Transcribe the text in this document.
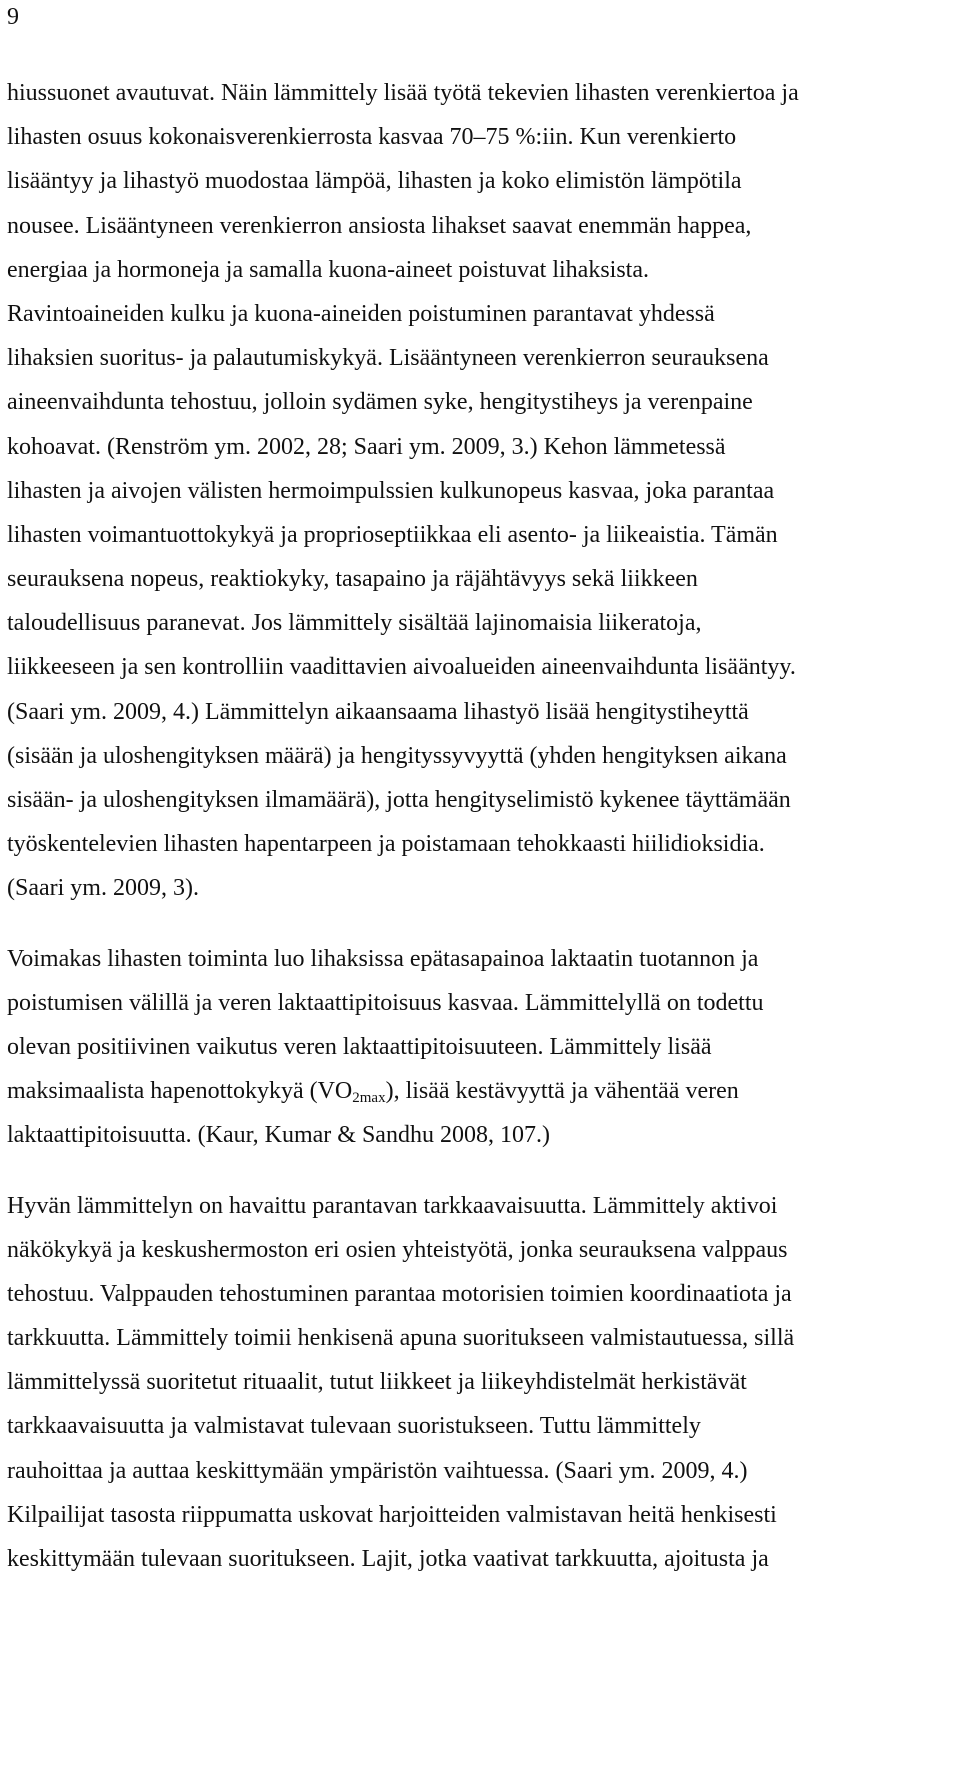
9

hiussuonet avautuvat. Näin lämmittely lisää työtä tekevien lihasten verenkiertoa ja
lihasten osuus kokonaisverenkierrosta kasvaa 70–75 %:iin. Kun verenkierto
lisääntyy ja lihastyö muodostaa lämpöä, lihasten ja koko elimistön lämpötila
nousee. Lisääntyneen verenkierron ansiosta lihakset saavat enemmän happea,
energiaa ja hormoneja ja samalla kuona-aineet poistuvat lihaksista.
Ravintoaineiden kulku ja kuona-aineiden poistuminen parantavat yhdessä
lihaksien suoritus- ja palautumiskykyä. Lisääntyneen verenkierron seurauksena
aineenvaihdunta tehostuu, jolloin sydämen syke, hengitystiheys ja verenpaine
kohoavat. (Renström ym. 2002, 28; Saari ym. 2009, 3.) Kehon lämmetessä
lihasten ja aivojen välisten hermoimpulssien kulkunopeus kasvaa, joka parantaa
lihasten voimantuottokykyä ja proprioseptiikkaa eli asento- ja liikeaistia. Tämän
seurauksena nopeus, reaktiokyky, tasapaino ja räjähtävyys sekä liikkeen
taloudellisuus paranevat. Jos lämmittely sisältää lajinomaisia liikeratoja,
liikkeeseen ja sen kontrolliin vaadittavien aivoalueiden aineenvaihdunta lisääntyy.
(Saari ym. 2009, 4.) Lämmittelyn aikaansaama lihastyö lisää hengitystiheyttä
(sisään ja uloshengityksen määrä) ja hengityssyvyyttä (yhden hengityksen aikana
sisään- ja uloshengityksen ilmamäärä), jotta hengityselimistö kykenee täyttämään
työskentelevien lihasten hapentarpeen ja poistamaan tehokkaasti hiilidioksidia.
(Saari ym. 2009, 3).

Voimakas lihasten toiminta luo lihaksissa epätasapainoa laktaatin tuotannon ja
poistumisen välillä ja veren laktaattipitoisuus kasvaa. Lämmittelyllä on todettu
olevan positiivinen vaikutus veren laktaattipitoisuuteen. Lämmittely lisää
maksimaalista hapenottokykyä $(VO_{2max})$, lisää kestävyyttä ja vähentää veren
laktaattipitoisuutta. (Kaur, Kumar & Sandhu 2008, 107.)

Hyvän lämmittelyn on havaittu parantavan tarkkaavaisuutta. Lämmittely aktivoi
näkökykyä ja keskushermoston eri osien yhteistyötä, jonka seurauksena valppaus
tehostuu. Valppauden tehostuminen parantaa motorisien toimien koordinaatiota ja
tarkkuutta. Lämmittely toimii henkisenä apuna suoritukseen valmistautuessa, sillä
lämmittelyssä suoritetut rituaalit, tutut liikkeet ja liikeyhdistelmät herkistävät
tarkkaavaisuutta ja valmistavat tulevaan suoristukseen. Tuttu lämmittely
rauhoittaa ja auttaa keskittymään ympäristön vaihtuessa. (Saari ym. 2009, 4.)
Kilpailijat tasosta riippumatta uskovat harjoitteiden valmistavan heitä henkisesti
keskittymään tulevaan suoritukseen. Lajit, jotka vaativat tarkkuutta, ajoitusta ja
